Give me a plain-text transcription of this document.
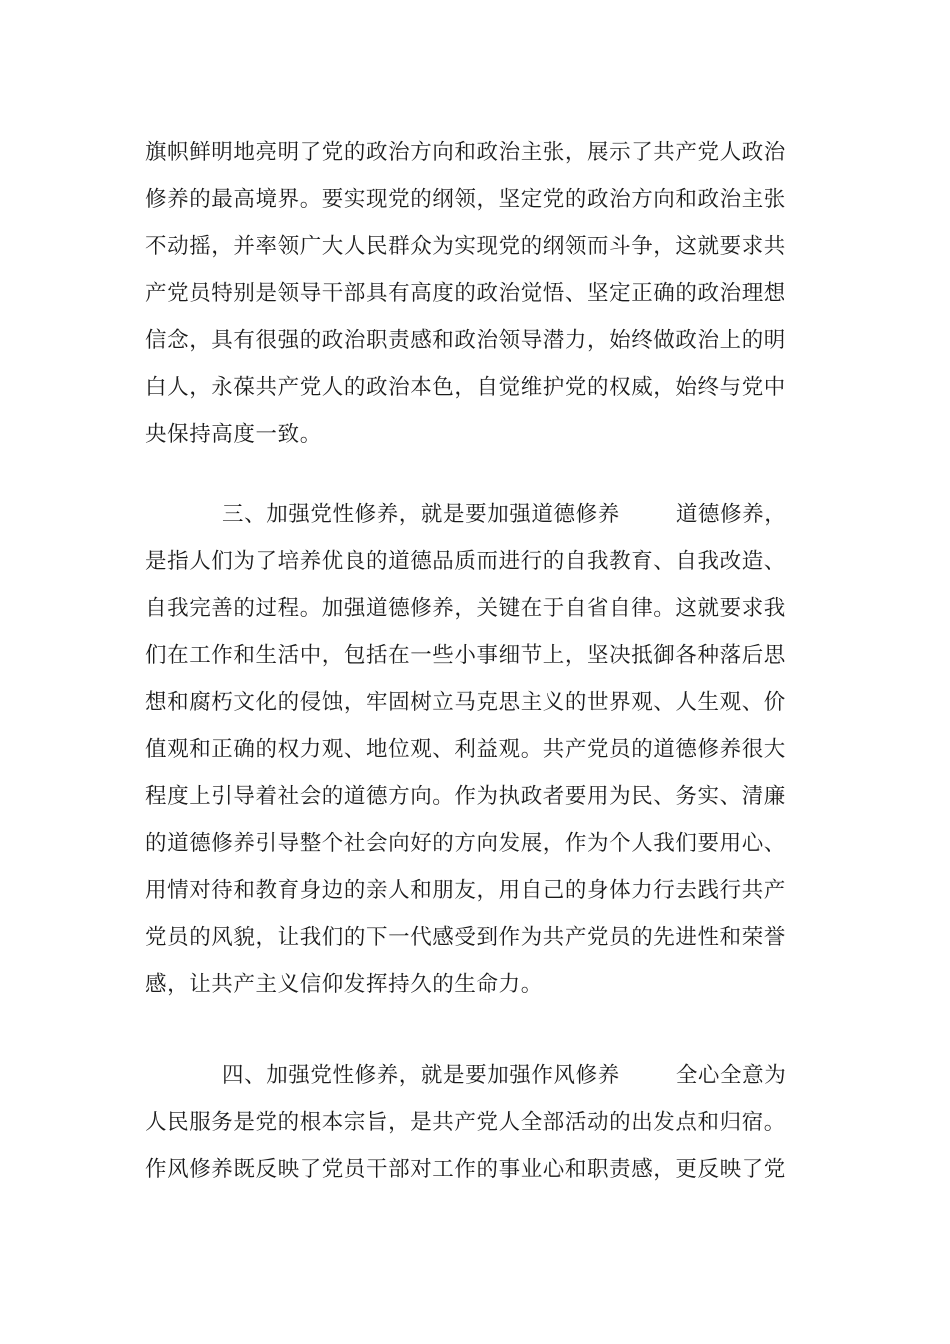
旗帜鲜明地亮明了党的政治方向和政治主张，展示了共产党人政治
修养的最高境界。要实现党的纲领，坚定党的政治方向和政治主张
不动摇，并率领广大人民群众为实现党的纲领而斗争，这就要求共
产党员特别是领导干部具有高度的政治觉悟、坚定正确的政治理想
信念，具有很强的政治职责感和政治领导潜力，始终做政治上的明
白人，永葆共产党人的政治本色，自觉维护党的权威，始终与党中
央保持高度一致。
三、加强党性修养，就是要加强道德修养	道德修养，
是指人们为了培养优良的道德品质而进行的自我教育、自我改造、
自我完善的过程。加强道德修养，关键在于自省自律。这就要求我
们在工作和生活中，包括在一些小事细节上，坚决抵御各种落后思
想和腐朽文化的侵蚀，牢固树立马克思主义的世界观、人生观、价
值观和正确的权力观、地位观、利益观。共产党员的道德修养很大
程度上引导着社会的道德方向。作为执政者要用为民、务实、清廉
的道德修养引导整个社会向好的方向发展，作为个人我们要用心、
用情对待和教育身边的亲人和朋友，用自己的身体力行去践行共产
党员的风貌，让我们的下一代感受到作为共产党员的先进性和荣誉
感，让共产主义信仰发挥持久的生命力。
四、加强党性修养，就是要加强作风修养	全心全意为
人民服务是党的根本宗旨，是共产党人全部活动的出发点和归宿。
作风修养既反映了党员干部对工作的事业心和职责感，更反映了党
